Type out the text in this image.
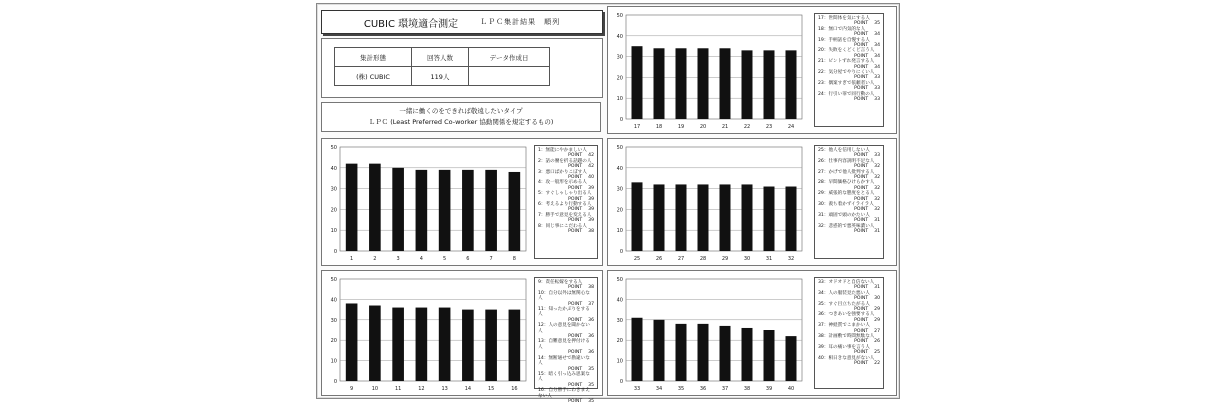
CUBIC 環境適合測定	ＬＰＣ集計結果　順列
集計形態	回答人数	データ作成日
(株) CUBIC	119人	
一緒に働くのをできれば敬遠したいタイプ
ＬＰＣ (Least Preferred Co-worker 協動関係を規定するもの)
0
10
20
30
40
50
1	2	3	4	5	6	7	8
1：無能にやかましい人
POINT 42
2：話の腰を折る話題の人
POINT 42
3：悪口ばかりこぼす人
POINT 40
4：攻一般形を示める人
POINT 39
5：すぐしゃしゃり出る人
POINT 39
6：考えるより行動する人
POINT 39
7：勝手で意見を変える人
POINT 39
8：同じ事にこだわる人
POINT 38
0
10
20
30
40
50
9	10	11	12	13	14	15	16
9：責任転嫁をする人
POINT 38
10：自分以外は無関心な人
POINT 37
11：知ったかぶりをする人
POINT 36
12：人の意見を聞かない人
POINT 36
13：自難意見を押付ける人
POINT 36
14：無断通せで勘違いな人
POINT 35
15：暗く引っ込み思案な人
POINT 35
16：自分勝手にわきまえない人
POINT 35
0
10
20
30
40
50
17	18	19	20	21	22	23	24
17：世間体を気にする人
POINT 35
18：無口で内気的な人
POINT 34
19：手柄話を自慢する人
POINT 34
20：失敗をくどくど言う人
POINT 34
21：ピントずれ発言する人
POINT 34
22：気分屋でやりにくい人
POINT 33
23：偶案すぎで依頼者い人
POINT 33
24：行引い罪で同行動の人
POINT 33
0
10
20
30
40
50
25	26	27	28	29	30	31	32
25：他人を信用しない人
POINT 33
26：仕事内容説明不足な人
POINT 32
27：かげで他人批判する人
POINT 32
28：早間価格ひけらかす人
POINT 32
29：威張的な態度をとる人
POINT 32
30：羨ち着かずイライラ人
POINT 32
31：頑固で頭のかたい人
POINT 31
32：悲惑的で悪英味濃い人
POINT 31
0
10
20
30
40
50
33	34	35	36	37	38	39	40
33：オドオドと自信ない人
POINT 31
34：人の服装見た悪い人
POINT 30
35：すぐ目立ちたがる人
POINT 29
36：つきあいを強要する人
POINT 29
37：神経質でこまかい人
POINT 27
38：計画敷で時間無駄な人
POINT 26
39：耳の痛い事を言う人
POINT 25
40：相日きな意見がない人
POINT 22
